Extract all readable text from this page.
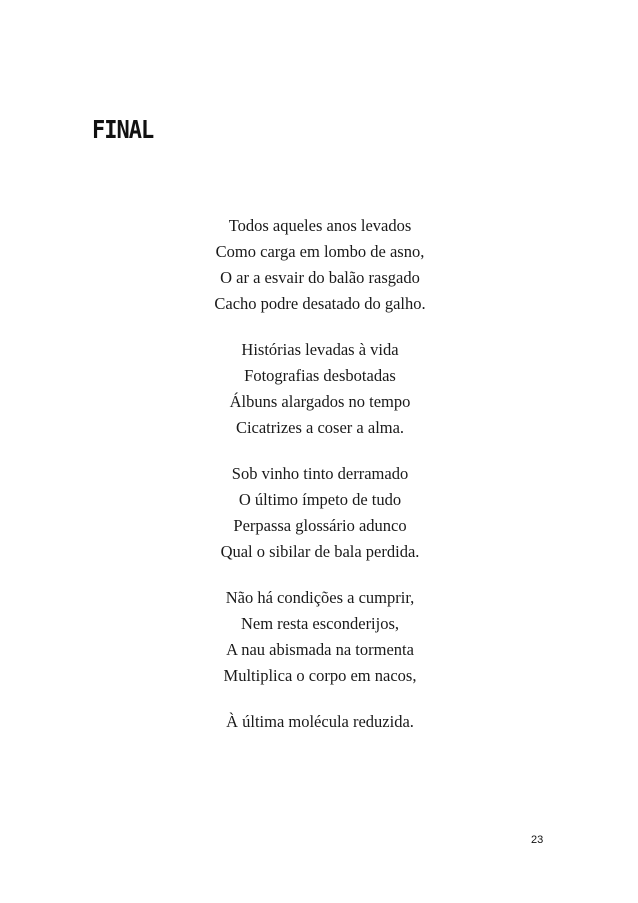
FINAL
Todos aqueles anos levados
Como carga em lombo de asno,
O ar a esvair do balão rasgado
Cacho podre desatado do galho.
Histórias levadas à vida
Fotografias desbotadas
Álbuns alargados no tempo
Cicatrizes a coser a alma.
Sob vinho tinto derramado
O último ímpeto de tudo
Perpassa glossário adunco
Qual o sibilar de bala perdida.
Não há condições a cumprir,
Nem resta esconderijos,
A nau abismada na tormenta
Multiplica o corpo em nacos,
À última molécula reduzida.
23
